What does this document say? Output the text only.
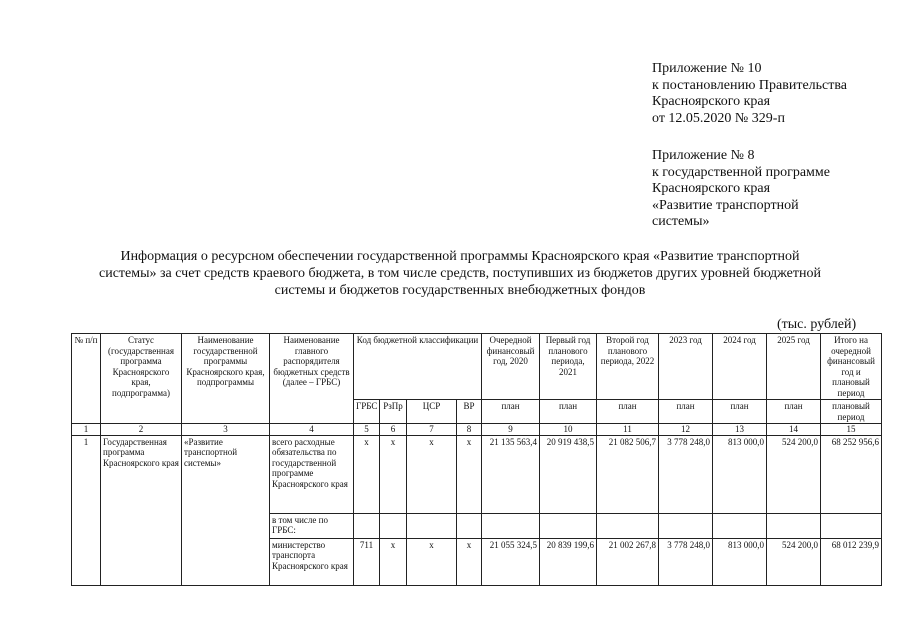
Приложение № 10
к постановлению Правительства
Красноярского края
от 12.05.2020 № 329-п
Приложение № 8
к государственной программе
Красноярского края
«Развитие транспортной
системы»
Информация о ресурсном обеспечении государственной программы Красноярского края «Развитие транспортной
системы» за счет средств краевого бюджета, в том числе средств, поступивших из бюджетов других уровней бюджетной
системы и бюджетов государственных внебюджетных фондов
(тыс. рублей)
№ п/п	Статус (государственная программа Красноярского края, подпрограмма)	Наименование государственной программы Красноярского края, подпрограммы	Наименование главного распорядителя бюджетных средств (далее – ГРБС)	Код бюджетной классификации				Очередной финансовый год, 2020	Первый год планового периода, 2021	Второй год планового периода, 2022	2023 год	2024 год	2025 год	Итого на очередной финансовый год и плановый период
				ГРБС	РзПр	ЦСР	ВР	план	план	план	план	план	план	плановый период
1	2	3	4	5	6	7	8	9	10	11	12	13	14	15
1	Государственная программа Красноярского края	«Развитие транспортной системы»	всего расходные обязательства по государственной программе Красноярского края	х	х	х	х	21 135 563,4	20 919 438,5	21 082 506,7	3 778 248,0	813 000,0	524 200,0	68 252 956,6
			в том числе по ГРБС:											
			министерство транспорта Красноярского края	711	х	х	х	21 055 324,5	20 839 199,6	21 002 267,8	3 778 248,0	813 000,0	524 200,0	68 012 239,9
